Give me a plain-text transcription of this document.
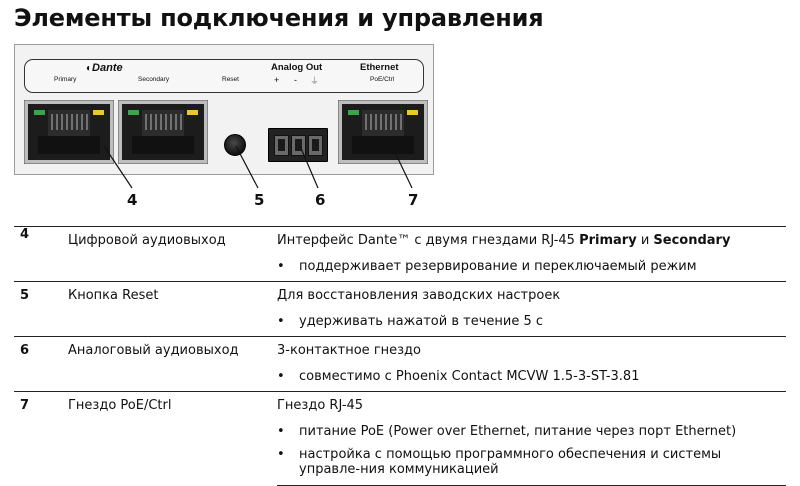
Элементы подключения и управления
◐Dante
Primary	Secondary	Reset
Analog Out
+ - ⏚
Ethernet
PoE/Ctrl
4	5	6	7
4	Цифровой аудиовыход	Интерфейс Dante™ с двумя гнездами RJ-45 Primary и Secondary

		• поддерживает резервирование и переключаемый режим

5	Кнопка Reset	Для восстановления заводских настроек

		• удерживать нажатой в течение 5 с

6	Аналоговый аудиовыход	3-контактное гнездо

		• совместимо с Phoenix Contact MCVW 1.5-3-ST-3.81

7	Гнездо PoE/Ctrl	Гнездо RJ-45

		• питание PoE (Power over Ethernet, питание через порт Ethernet)
• настройка с помощью программного обеспечения и системы управле-ния коммуникацией
